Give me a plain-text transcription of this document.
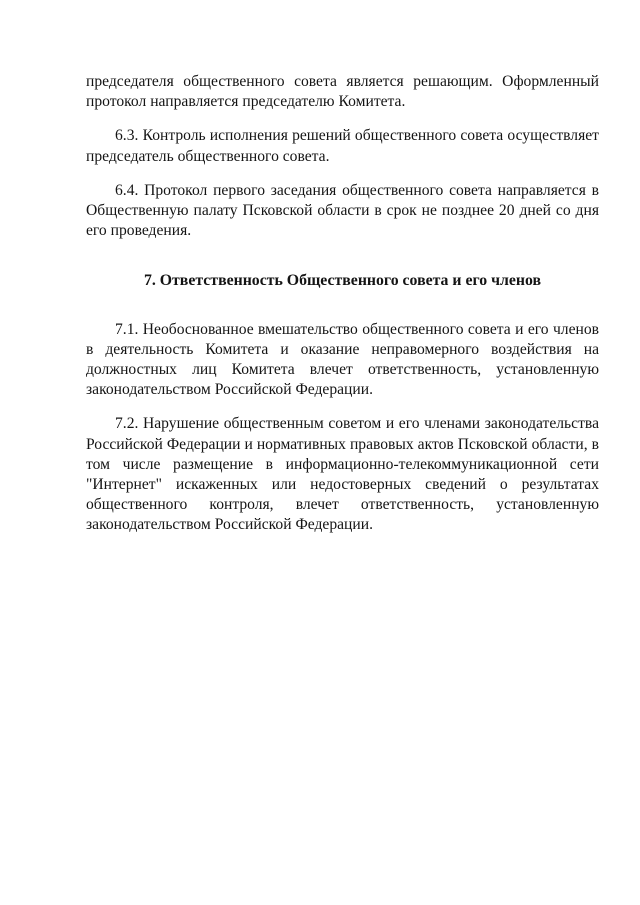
председателя общественного совета является решающим. Оформленный протокол направляется председателю Комитета.

6.3. Контроль исполнения решений общественного совета осуществляет председатель общественного совета.

6.4. Протокол первого заседания общественного совета направляется в Общественную палату Псковской области в срок не позднее 20 дней со дня его проведения.

7. Ответственность Общественного совета и его членов

7.1. Необоснованное вмешательство общественного совета и его членов в деятельность Комитета и оказание неправомерного воздействия на должностных лиц Комитета влечет ответственность, установленную законодательством Российской Федерации.

7.2. Нарушение общественным советом и его членами законодательства Российской Федерации и нормативных правовых актов Псковской области, в том числе размещение в информационно-телекоммуникационной сети "Интернет" искаженных или недостоверных сведений о результатах общественного контроля, влечет ответственность, установленную законодательством Российской Федерации.
